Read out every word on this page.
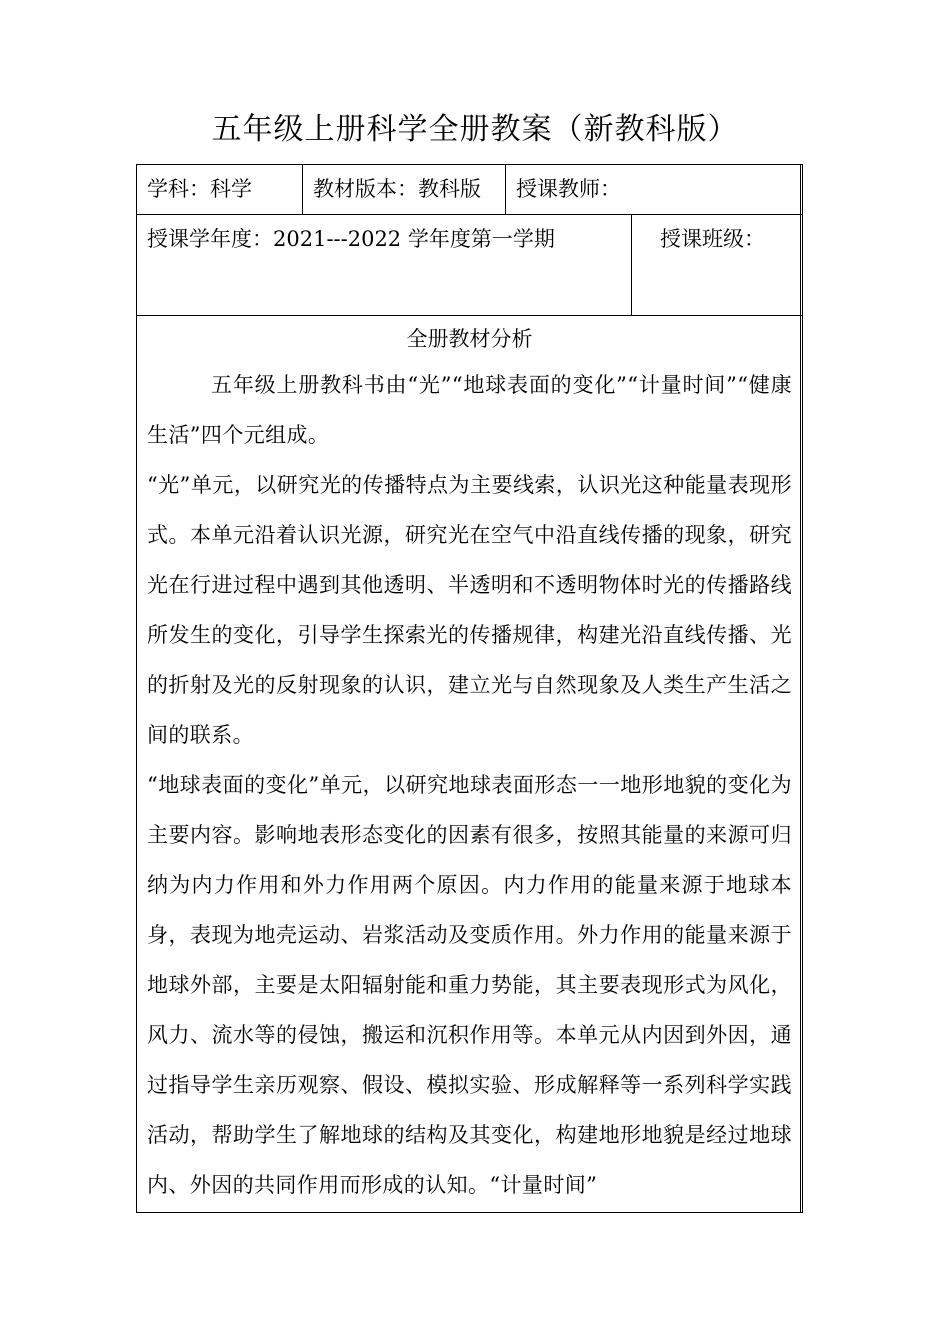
五年级上册科学全册教案（新教科版）
学科：科学	教材版本：教科版 授课教师：
授课学年度：2021---2022 学年度第一学期	授课班级：
全册教材分析

五年级上册教科书由“光”“地球表面的变化”“计量时间”“健康生活”四个元组成。

“光”单元，以研究光的传播特点为主要线索，认识光这种能量表现形式。本单元沿着认识光源，研究光在空气中沿直线传播的现象，研究光在行进过程中遇到其他透明、半透明和不透明物体时光的传播路线所发生的变化，引导学生探索光的传播规律，构建光沿直线传播、光的折射及光的反射现象的认识，建立光与自然现象及人类生产生活之间的联系。

“地球表面的变化”单元，以研究地球表面形态一一地形地貌的变化为主要内容。影响地表形态变化的因素有很多，按照其能量的来源可归纳为内力作用和外力作用两个原因。内力作用的能量来源于地球本身，表现为地壳运动、岩浆活动及变质作用。外力作用的能量来源于地球外部，主要是太阳辐射能和重力势能，其主要表现形式为风化，风力、流水等的侵蚀，搬运和沉积作用等。本单元从内因到外因，通过指导学生亲历观察、假设、模拟实验、形成解释等一系列科学实践活动，帮助学生了解地球的结构及其变化，构建地形地貌是经过地球内、外因的共同作用而形成的认知。“计量时间”
